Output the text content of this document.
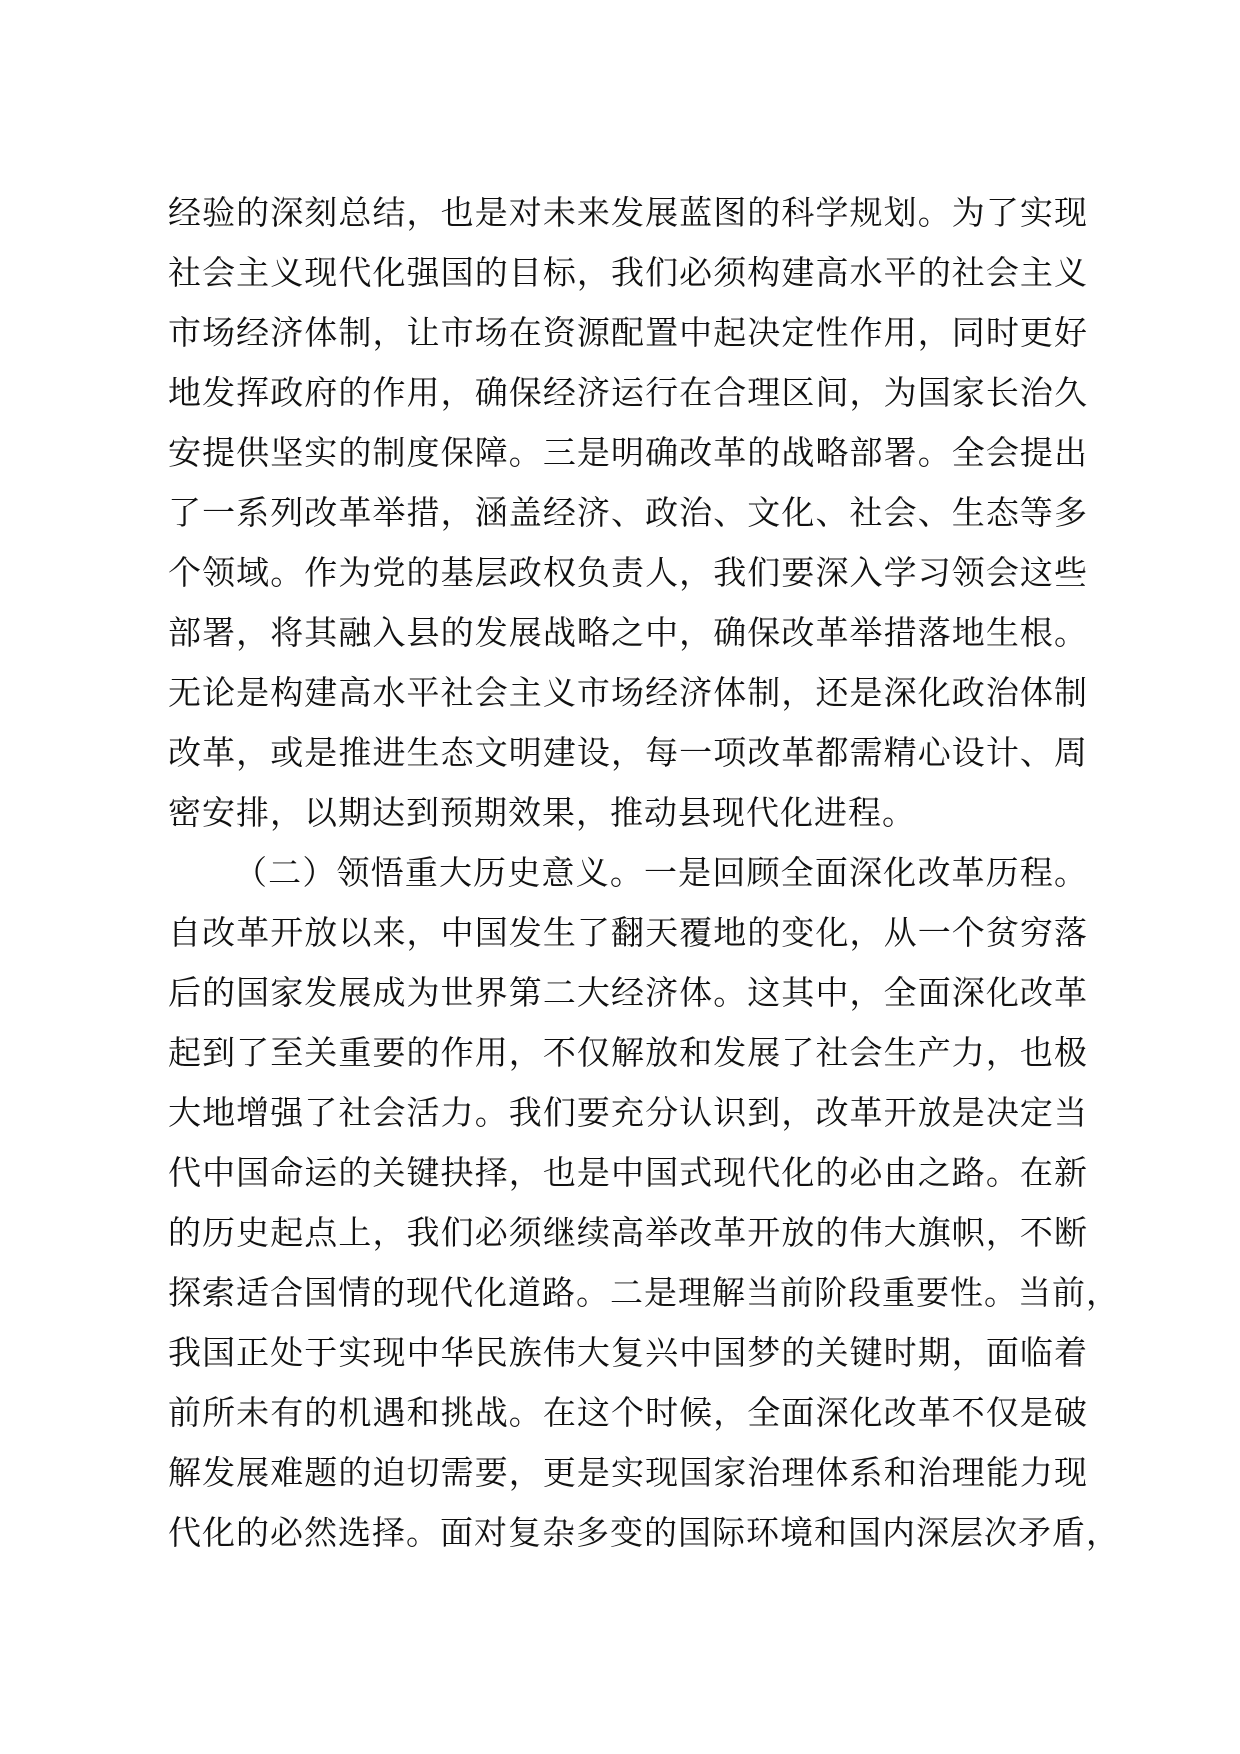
经验的深刻总结，也是对未来发展蓝图的科学规划。为了实现
社会主义现代化强国的目标，我们必须构建高水平的社会主义
市场经济体制，让市场在资源配置中起决定性作用，同时更好
地发挥政府的作用，确保经济运行在合理区间，为国家长治久
安提供坚实的制度保障。三是明确改革的战略部署。全会提出
了一系列改革举措，涵盖经济、政治、文化、社会、生态等多
个领域。作为党的基层政权负责人，我们要深入学习领会这些
部署，将其融入县的发展战略之中，确保改革举措落地生根。
无论是构建高水平社会主义市场经济体制，还是深化政治体制
改革，或是推进生态文明建设，每一项改革都需精心设计、周
密安排，以期达到预期效果，推动县现代化进程。
（二）领悟重大历史意义。一是回顾全面深化改革历程。
自改革开放以来，中国发生了翻天覆地的变化，从一个贫穷落
后的国家发展成为世界第二大经济体。这其中，全面深化改革
起到了至关重要的作用，不仅解放和发展了社会生产力，也极
大地增强了社会活力。我们要充分认识到，改革开放是决定当
代中国命运的关键抉择，也是中国式现代化的必由之路。在新
的历史起点上，我们必须继续高举改革开放的伟大旗帜，不断
探索适合国情的现代化道路。二是理解当前阶段重要性。当前，
我国正处于实现中华民族伟大复兴中国梦的关键时期，面临着
前所未有的机遇和挑战。在这个时候，全面深化改革不仅是破
解发展难题的迫切需要，更是实现国家治理体系和治理能力现
代化的必然选择。面对复杂多变的国际环境和国内深层次矛盾，
